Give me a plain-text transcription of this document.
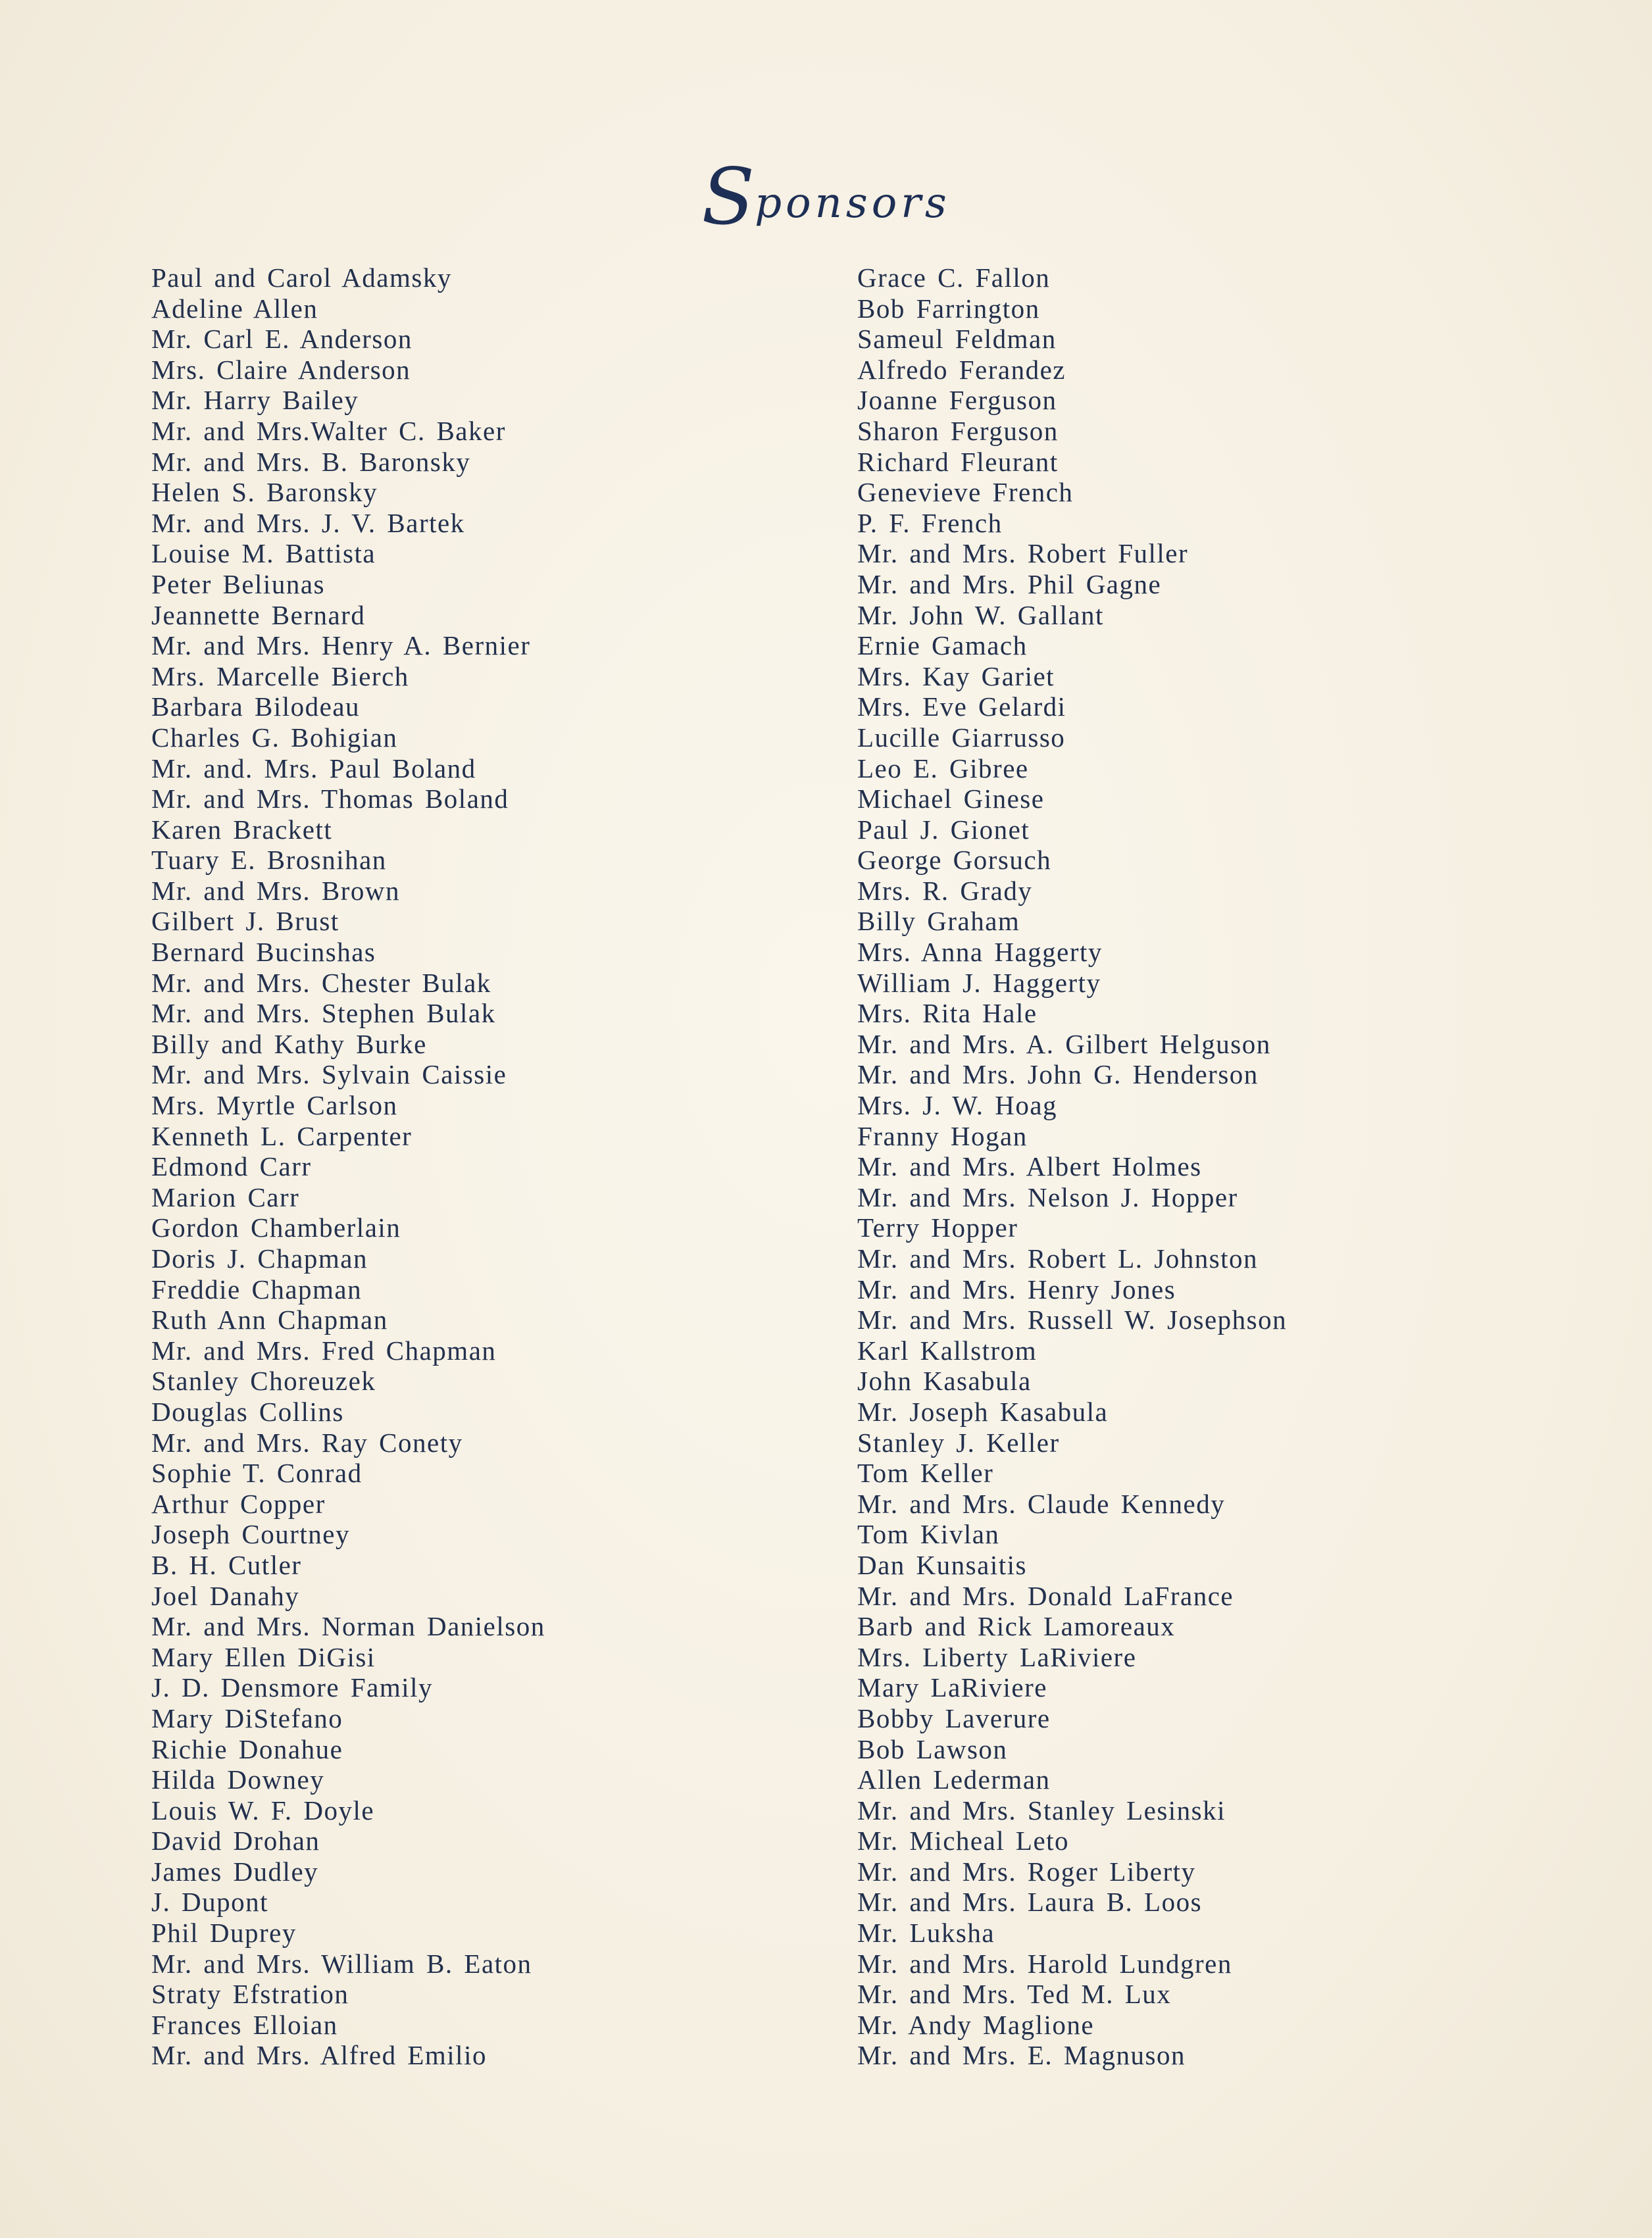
Sponsors
Paul and Carol Adamsky
Adeline Allen
Mr. Carl E. Anderson
Mrs. Claire Anderson
Mr. Harry Bailey
Mr. and Mrs.Walter C. Baker
Mr. and Mrs. B. Baronsky
Helen S. Baronsky
Mr. and Mrs. J. V. Bartek
Louise M. Battista
Peter Beliunas
Jeannette Bernard
Mr. and Mrs. Henry A. Bernier
Mrs. Marcelle Bierch
Barbara Bilodeau
Charles G. Bohigian
Mr. and. Mrs. Paul Boland
Mr. and Mrs. Thomas Boland
Karen Brackett
Tuary E. Brosnihan
Mr. and Mrs. Brown
Gilbert J. Brust
Bernard Bucinshas
Mr. and Mrs. Chester Bulak
Mr. and Mrs. Stephen Bulak
Billy and Kathy Burke
Mr. and Mrs. Sylvain Caissie
Mrs. Myrtle Carlson
Kenneth L. Carpenter
Edmond Carr
Marion Carr
Gordon Chamberlain
Doris J. Chapman
Freddie Chapman
Ruth Ann Chapman
Mr. and Mrs. Fred Chapman
Stanley Choreuzek
Douglas Collins
Mr. and Mrs. Ray Conety
Sophie T. Conrad
Arthur Copper
Joseph Courtney
B. H. Cutler
Joel Danahy
Mr. and Mrs. Norman Danielson
Mary Ellen DiGisi
J. D. Densmore Family
Mary DiStefano
Richie Donahue
Hilda Downey
Louis W. F. Doyle
David Drohan
James Dudley
J. Dupont
Phil Duprey
Mr. and Mrs. William B. Eaton
Straty Efstration
Frances Elloian
Mr. and Mrs. Alfred Emilio
Grace C. Fallon
Bob Farrington
Sameul Feldman
Alfredo Ferandez
Joanne Ferguson
Sharon Ferguson
Richard Fleurant
Genevieve French
P. F. French
Mr. and Mrs. Robert Fuller
Mr. and Mrs. Phil Gagne
Mr. John W. Gallant
Ernie Gamach
Mrs. Kay Gariet
Mrs. Eve Gelardi
Lucille Giarrusso
Leo E. Gibree
Michael Ginese
Paul J. Gionet
George Gorsuch
Mrs. R. Grady
Billy Graham
Mrs. Anna Haggerty
William J. Haggerty
Mrs. Rita Hale
Mr. and Mrs. A. Gilbert Helguson
Mr. and Mrs. John G. Henderson
Mrs. J. W. Hoag
Franny Hogan
Mr. and Mrs. Albert Holmes
Mr. and Mrs. Nelson J. Hopper
Terry Hopper
Mr. and Mrs. Robert L. Johnston
Mr. and Mrs. Henry Jones
Mr. and Mrs. Russell W. Josephson
Karl Kallstrom
John Kasabula
Mr. Joseph Kasabula
Stanley J. Keller
Tom Keller
Mr. and Mrs. Claude Kennedy
Tom Kivlan
Dan Kunsaitis
Mr. and Mrs. Donald LaFrance
Barb and Rick Lamoreaux
Mrs. Liberty LaRiviere
Mary LaRiviere
Bobby Laverure
Bob Lawson
Allen Lederman
Mr. and Mrs. Stanley Lesinski
Mr. Micheal Leto
Mr. and Mrs. Roger Liberty
Mr. and Mrs. Laura B. Loos
Mr. Luksha
Mr. and Mrs. Harold Lundgren
Mr. and Mrs. Ted M. Lux
Mr. Andy Maglione
Mr. and Mrs. E. Magnuson
